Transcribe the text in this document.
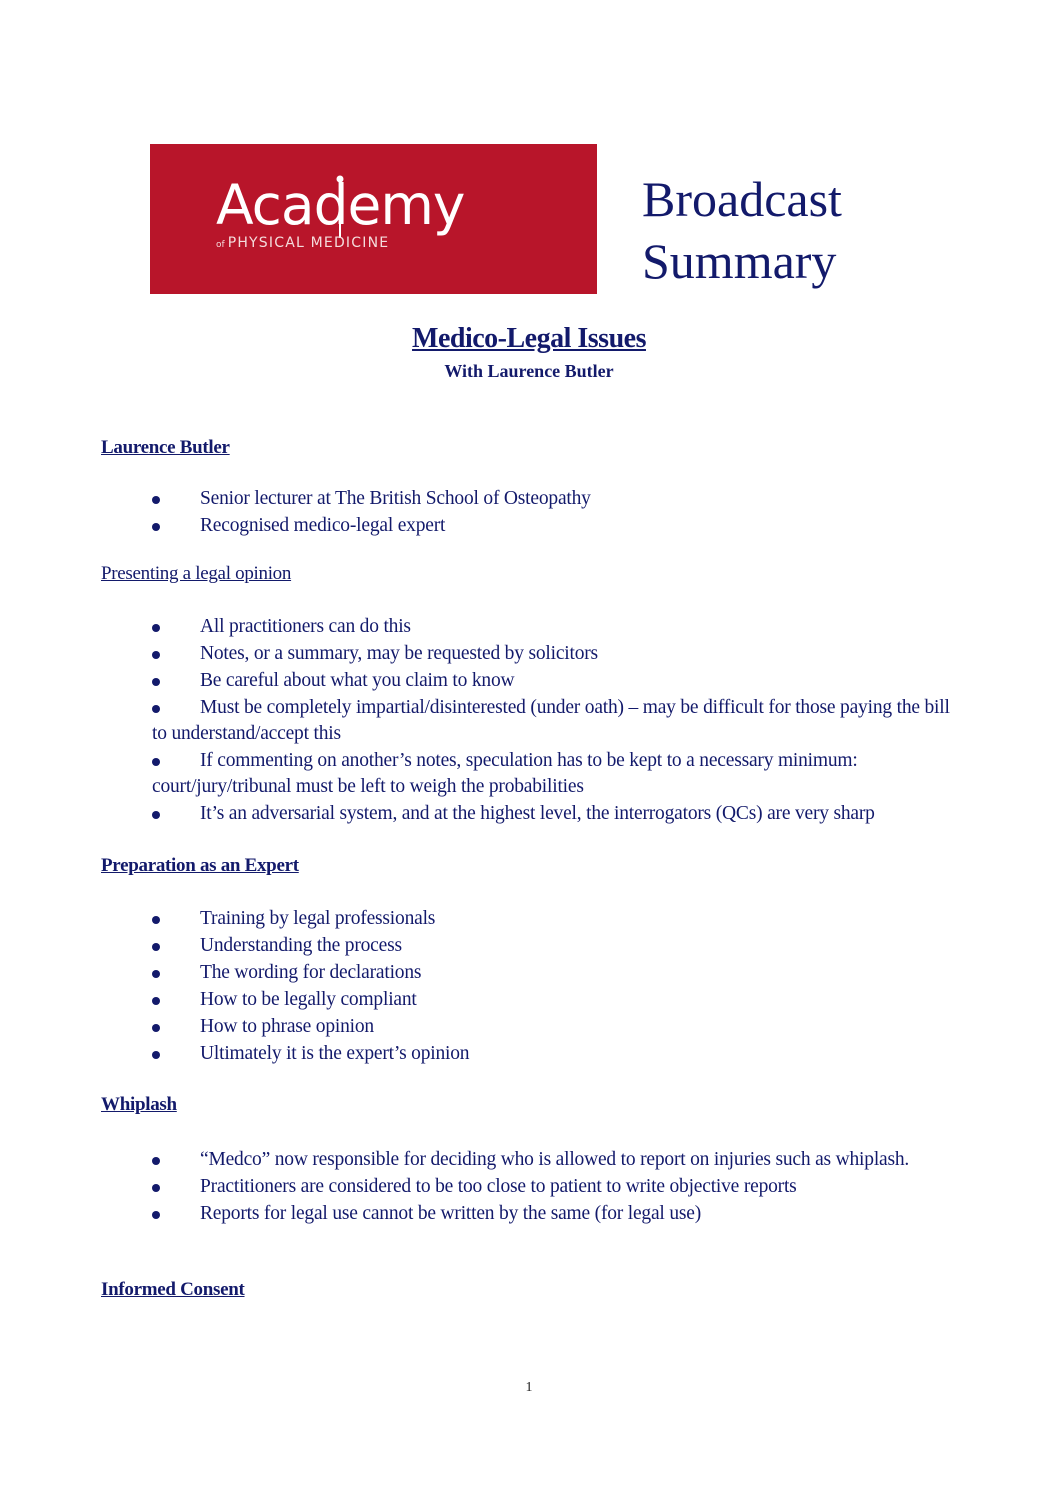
Academy
of PHYSICAL MEDICINE
Broadcast
Summary
Medico-Legal Issues
With Laurence Butler
Laurence Butler
Senior lecturer at The British School of Osteopathy
Recognised medico-legal expert
Presenting a legal opinion
All practitioners can do this
Notes, or a summary, may be requested by solicitors
Be careful about what you claim to know
Must be completely impartial/disinterested (under oath) – may be difficult for those paying the bill to understand/accept this
If commenting on another’s notes, speculation has to be kept to a necessary minimum: court/jury/tribunal must be left to weigh the probabilities
It’s an adversarial system, and at the highest level, the interrogators (QCs) are very sharp
Preparation as an Expert
Training by legal professionals
Understanding the process
The wording for declarations
How to be legally compliant
How to phrase opinion
Ultimately it is the expert’s opinion
Whiplash
“Medco” now responsible for deciding who is allowed to report on injuries such as whiplash.
Practitioners are considered to be too close to patient to write objective reports
Reports for legal use cannot be written by the same (for legal use)
Informed Consent
1
